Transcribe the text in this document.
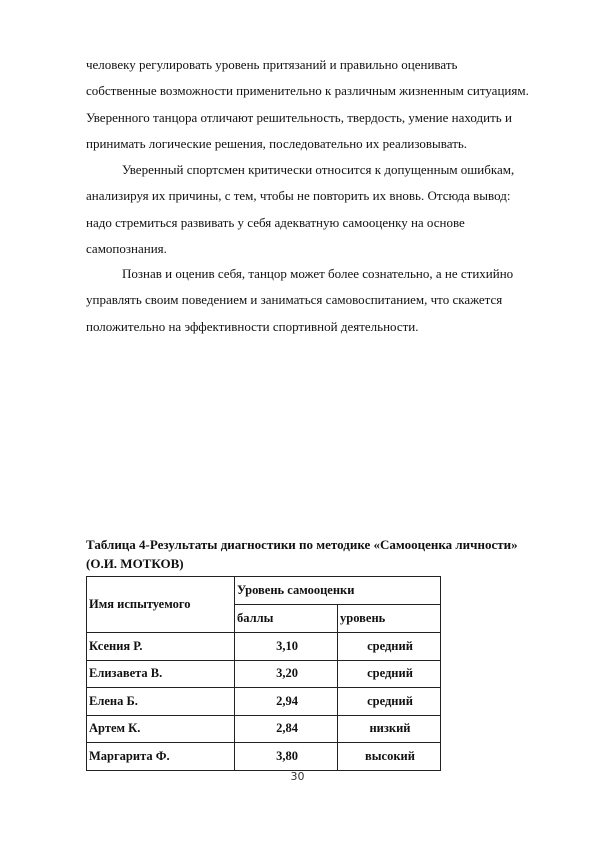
человеку регулировать уровень притязаний и правильно оценивать
собственные возможности применительно к различным жизненным ситуациям.
Уверенного танцора отличают решительность, твердость, умение находить и
принимать логические решения, последовательно их реализовывать.
Уверенный спортсмен критически относится к допущенным ошибкам,
анализируя их причины, с тем, чтобы не повторить их вновь. Отсюда вывод:
надо стремиться развивать у себя адекватную самооценку на основе
самопознания.
Познав и оценив себя, танцор может более сознательно, а не стихийно
управлять своим поведением и заниматься самовоспитанием, что скажется
положительно на эффективности спортивной деятельности.
Таблица 4-Результаты диагностики по методике «Самооценка личности»
(О.И. МОТКОВ)
Имя испытуемого	Уровень самооценки	
	баллы	уровень
Ксения Р.	3,10	средний
Елизавета В.	3,20	средний
Елена Б.	2,94	средний
Артем К.	2,84	низкий
Маргарита Ф.	3,80	высокий
30
